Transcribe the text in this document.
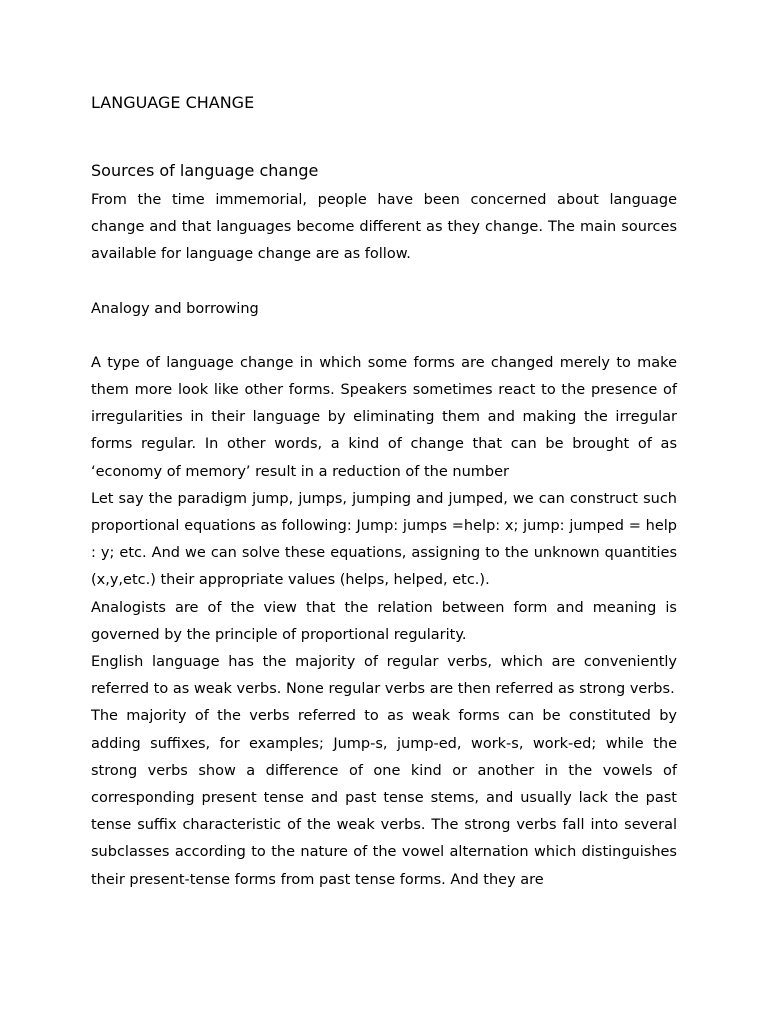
LANGUAGE CHANGE
Sources of language change

From the time immemorial, people have been concerned about language change and that languages become different as they change. The main sources available for language change are as follow.

Analogy and borrowing

A type of language change in which some forms are changed merely to make them more look like other forms. Speakers sometimes react to the presence of irregularities in their language by eliminating them and making the irregular forms regular. In other words, a kind of change that can be brought of as ‘economy of memory’ result in a reduction of the number

Let say the paradigm jump, jumps, jumping and jumped, we can construct such proportional equations as following: Jump: jumps =help: x; jump: jumped = help : y; etc. And we can solve these equations, assigning to the unknown quantities (x,y,etc.) their appropriate values (helps, helped, etc.).

Analogists are of the view that the relation between form and meaning is governed by the principle of proportional regularity.

English language has the majority of regular verbs, which are conveniently referred to as weak verbs. None regular verbs are then referred as strong verbs.

The majority of the verbs referred to as weak forms can be constituted by adding suffixes, for examples; Jump-s, jump-ed, work-s, work-ed; while the strong verbs show a difference of one kind or another in the vowels of corresponding present tense and past tense stems, and usually lack the past tense suffix characteristic of the weak verbs. The strong verbs fall into several subclasses according to the nature of the vowel alternation which distinguishes their present-tense forms from past tense forms. And they are
